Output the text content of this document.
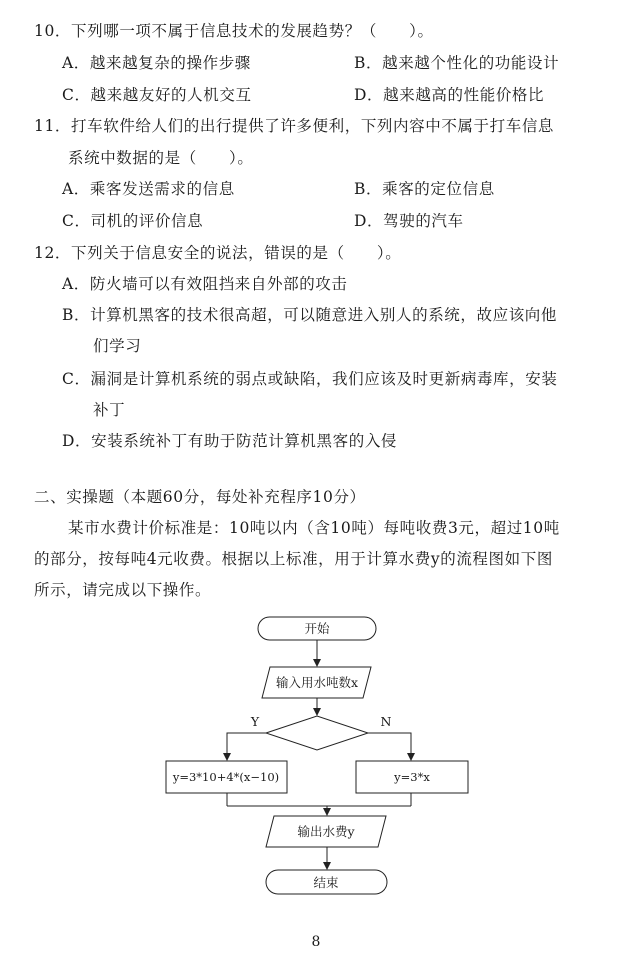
10．下列哪一项不属于信息技术的发展趋势？（　　）。
A．越来越复杂的操作步骤	B．越来越个性化的功能设计
C．越来越友好的人机交互	D．越来越高的性能价格比
11．打车软件给人们的出行提供了许多便利，下列内容中不属于打车信息
系统中数据的是（　　）。
A．乘客发送需求的信息	B．乘客的定位信息
C．司机的评价信息	D．驾驶的汽车
12．下列关于信息安全的说法，错误的是（　　）。
A．防火墙可以有效阻挡来自外部的攻击
B．计算机黑客的技术很高超，可以随意进入别人的系统，故应该向他
们学习
C．漏洞是计算机系统的弱点或缺陷，我们应该及时更新病毒库，安装
补丁
D．安装系统补丁有助于防范计算机黑客的入侵
二、实操题（本题60分，每处补充程序10分）
某市水费计价标准是：10吨以内（含10吨）每吨收费3元，超过10吨
的部分，按每吨4元收费。根据以上标准，用于计算水费y的流程图如下图
所示，请完成以下操作。
开始
输入用水吨数x
Y	N
y=3*10+4*(x−10)	y=3*x
输出水费y
结束
8
